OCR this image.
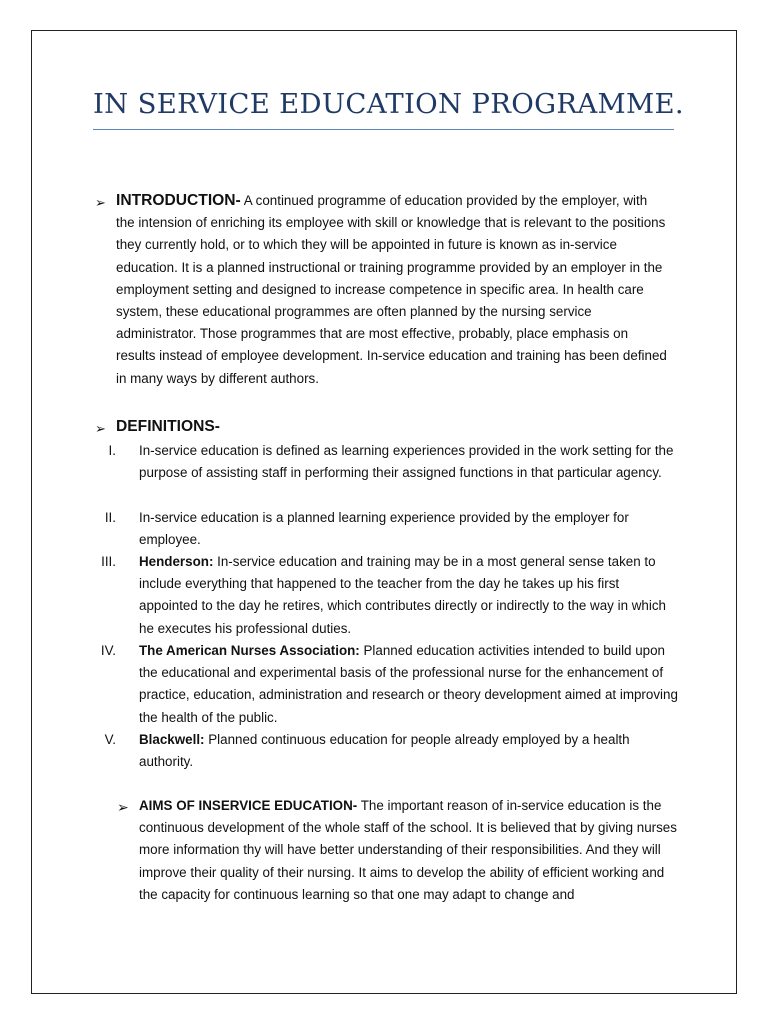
IN SERVICE EDUCATION PROGRAMME.
➢ INTRODUCTION- A continued programme of education provided by the employer, with the intension of enriching its employee with skill or knowledge that is relevant to the positions they currently hold, or to which they will be appointed in future is known as in-service education. It is a planned instructional or training programme provided by an employer in the employment setting and designed to increase competence in specific area. In health care system, these educational programmes are often planned by the nursing service administrator. Those programmes that are most effective, probably, place emphasis on results instead of employee development. In-service education and training has been defined in many ways by different authors.

➢ DEFINITIONS-

I. In-service education is defined as learning experiences provided in the work setting for the purpose of assisting staff in performing their assigned functions in that particular agency.

II. In-service education is a planned learning experience provided by the employer for employee.

III. Henderson: In-service education and training may be in a most general sense taken to include everything that happened to the teacher from the day he takes up his first appointed to the day he retires, which contributes directly or indirectly to the way in which he executes his professional duties.

IV. The American Nurses Association: Planned education activities intended to build upon the educational and experimental basis of the professional nurse for the enhancement of practice, education, administration and research or theory development aimed at improving the health of the public.

V. Blackwell: Planned continuous education for people already employed by a health authority.

➢ AIMS OF INSERVICE EDUCATION- The important reason of in-service education is the continuous development of the whole staff of the school. It is believed that by giving nurses more information thy will have better understanding of their responsibilities. And they will improve their quality of their nursing. It aims to develop the ability of efficient working and the capacity for continuous learning so that one may adapt to change and
